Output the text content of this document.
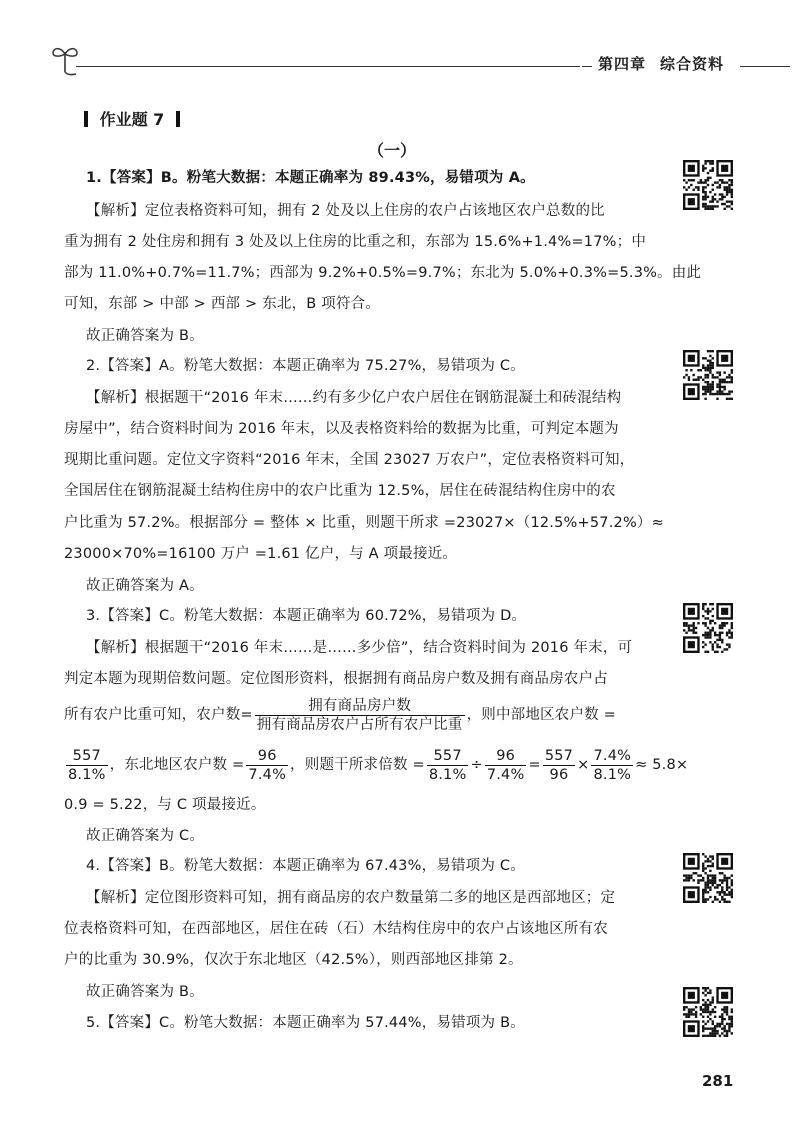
第四章 综合资料
作业题 7
（一）
1.【答案】B。粉笔大数据：本题正确率为 89.43%，易错项为 A。
【解析】定位表格资料可知，拥有 2 处及以上住房的农户占该地区农户总数的比
重为拥有 2 处住房和拥有 3 处及以上住房的比重之和，东部为 15.6%+1.4%=17%；中
部为 11.0%+0.7%=11.7%；西部为 9.2%+0.5%=9.7%；东北为 5.0%+0.3%=5.3%。由此
可知，东部 > 中部 > 西部 > 东北，B 项符合。
故正确答案为 B。
2.【答案】A。粉笔大数据：本题正确率为 75.27%，易错项为 C。
【解析】根据题干“2016 年末……约有多少亿户农户居住在钢筋混凝土和砖混结构
房屋中”，结合资料时间为 2016 年末，以及表格资料给的数据为比重，可判定本题为
现期比重问题。定位文字资料“2016 年末，全国 23027 万农户”，定位表格资料可知，
全国居住在钢筋混凝土结构住房中的农户比重为 12.5%，居住在砖混结构住房中的农
户比重为 57.2%。根据部分 = 整体 × 比重，则题干所求 =23027×（12.5%+57.2%）≈
23000×70%=16100 万户 =1.61 亿户，与 A 项最接近。
故正确答案为 A。
3.【答案】C。粉笔大数据：本题正确率为 60.72%，易错项为 D。
【解析】根据题干“2016 年末……是……多少倍”，结合资料时间为 2016 年末，可
判定本题为现期倍数问题。定位图形资料，根据拥有商品房户数及拥有商品房农户占
所有农户比重可知，农户数= $\frac{\text{拥有商品房户数}}{\text{拥有商品房农户占所有农户比重}}$ ，则中部地区农户数 =
$\frac{557}{8.1\%}$ ，东北地区农户数 = $\frac{96}{7.4\%}$ ，则题干所求倍数 = $\frac{557}{8.1\%} \div \frac{96}{7.4\%} = \frac{557}{96} \times \frac{7.4\%}{8.1\%} \approx 5.8\times$
0.9 = 5.22，与 C 项最接近。
故正确答案为 C。
4.【答案】B。粉笔大数据：本题正确率为 67.43%，易错项为 C。
【解析】定位图形资料可知，拥有商品房的农户数量第二多的地区是西部地区；定
位表格资料可知，在西部地区，居住在砖（石）木结构住房中的农户占该地区所有农
户的比重为 30.9%，仅次于东北地区（42.5%），则西部地区排第 2。
故正确答案为 B。
5.【答案】C。粉笔大数据：本题正确率为 57.44%，易错项为 B。
281
